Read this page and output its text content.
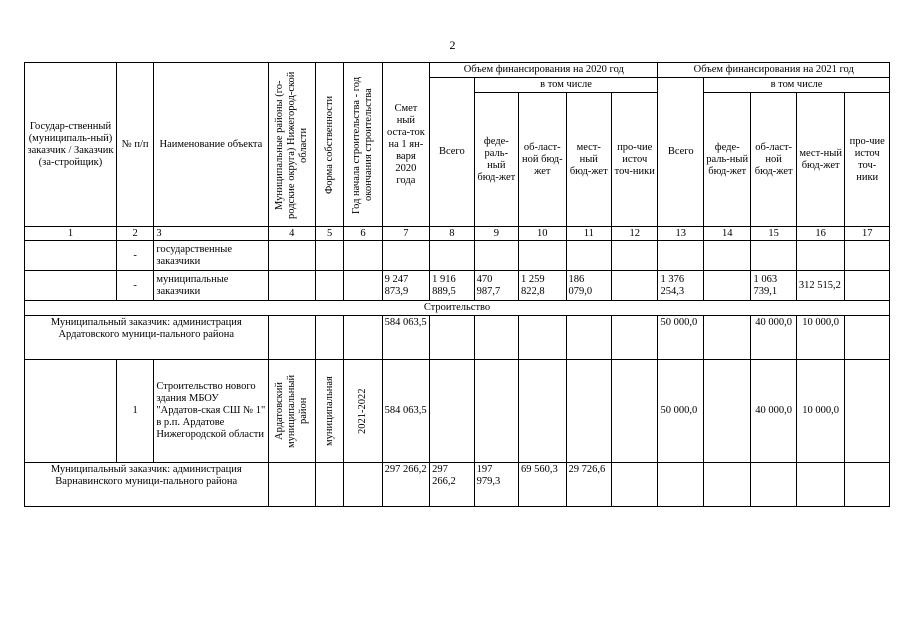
2
Государ-ственный (муниципаль-ный) заказчик / Заказчик (за-стройщик)	№ п/п	Наименование объекта	Муниципальные районы (го-родские округа) Нижегород-ской области	Форма собственности	Год начала строительства - год окончания строительства	Смет ный оста-ток на 1 ян-варя 2020 года	Объем финансирования на 2020 год					Объем финансирования на 2021 год				
							Всего	в том числе				Всего	в том числе			
								феде-раль-ный бюд-жет	об-ласт-ной бюд-жет	мест-ный бюд-жет	про-чие источ точ-ники		феде-раль-ный бюд-жет	об-ласт-ной бюд-жет	мест-ный бюд-жет	про-чие источ точ-ники
1	2	3	4	5	6	7	8	9	10	11	12	13	14	15	16	17
	-	государственные заказчики														
	-	муниципальные заказчики				9 247 873,9	1 916 889,5	470 987,7	1 259 822,8	186 079,0		1 376 254,3		1 063 739,1	312 515,2	
Строительство																
Муниципальный заказчик: администрация Ардатовского муници-пального района						584 063,5						50 000,0		40 000,0	10 000,0	
	1	Строительство нового здания МБОУ "Ардатов-ская СШ № 1" в р.п. Ардатове Нижегородской области	Ардатовский муниципальный район	муниципальная	2021-2022	584 063,5						50 000,0		40 000,0	10 000,0	
Муниципальный заказчик: администрация Варнавинского муници-пального района						297 266,2	297 266,2	197 979,3	69 560,3	29 726,6						
